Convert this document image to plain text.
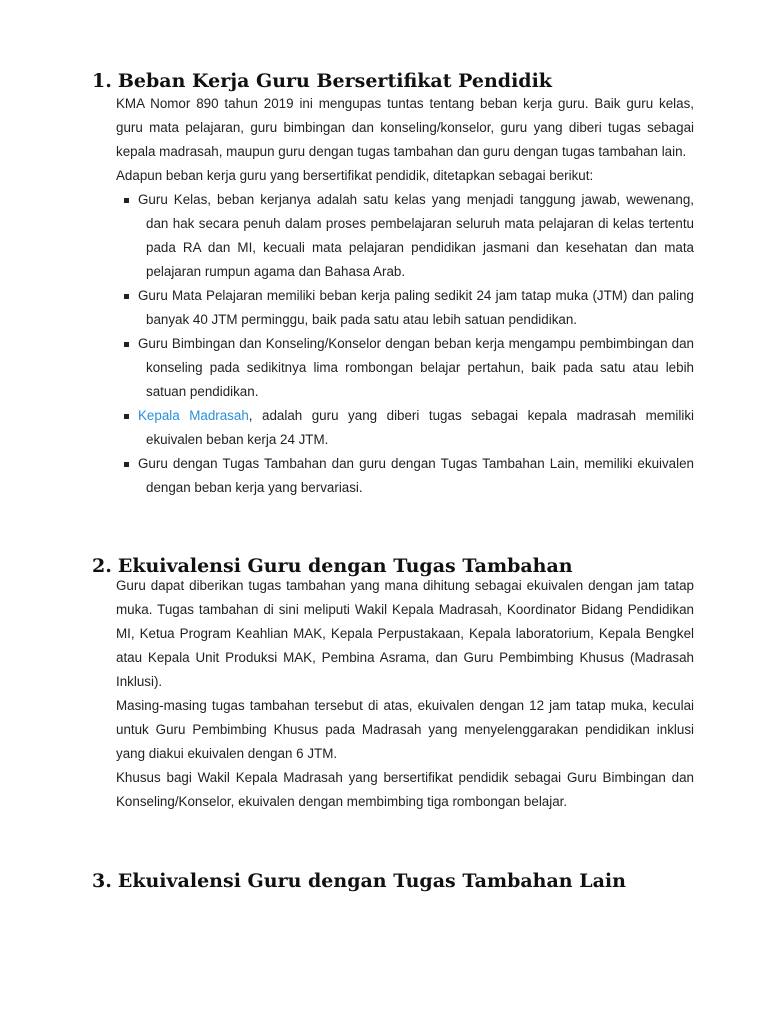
1. Beban Kerja Guru Bersertifikat Pendidik

KMA Nomor 890 tahun 2019 ini mengupas tuntas tentang beban kerja guru. Baik guru kelas, guru mata pelajaran, guru bimbingan dan konseling/konselor, guru yang diberi tugas sebagai kepala madrasah, maupun guru dengan tugas tambahan dan guru dengan tugas tambahan lain.

Adapun beban kerja guru yang bersertifikat pendidik, ditetapkan sebagai berikut:

Guru Kelas, beban kerjanya adalah satu kelas yang menjadi tanggung jawab, wewenang, dan hak secara penuh dalam proses pembelajaran seluruh mata pelajaran di kelas tertentu pada RA dan MI, kecuali mata pelajaran pendidikan jasmani dan kesehatan dan mata pelajaran rumpun agama dan Bahasa Arab.
Guru Mata Pelajaran memiliki beban kerja paling sedikit 24 jam tatap muka (JTM) dan paling banyak 40 JTM perminggu, baik pada satu atau lebih satuan pendidikan.
Guru Bimbingan dan Konseling/Konselor dengan beban kerja mengampu pembimbingan dan konseling pada sedikitnya lima rombongan belajar pertahun, baik pada satu atau lebih satuan pendidikan.
Kepala Madrasah, adalah guru yang diberi tugas sebagai kepala madrasah memiliki ekuivalen beban kerja 24 JTM.
Guru dengan Tugas Tambahan dan guru dengan Tugas Tambahan Lain, memiliki ekuivalen dengan beban kerja yang bervariasi.
2. Ekuivalensi Guru dengan Tugas Tambahan

Guru dapat diberikan tugas tambahan yang mana dihitung sebagai ekuivalen dengan jam tatap muka. Tugas tambahan di sini meliputi Wakil Kepala Madrasah, Koordinator Bidang Pendidikan MI, Ketua Program Keahlian MAK, Kepala Perpustakaan, Kepala laboratorium, Kepala Bengkel atau Kepala Unit Produksi MAK, Pembina Asrama, dan Guru Pembimbing Khusus (Madrasah Inklusi).

Masing-masing tugas tambahan tersebut di atas, ekuivalen dengan 12 jam tatap muka, keculai untuk Guru Pembimbing Khusus pada Madrasah yang menyelenggarakan pendidikan inklusi yang diakui ekuivalen dengan 6 JTM.

Khusus bagi Wakil Kepala Madrasah yang bersertifikat pendidik sebagai Guru Bimbingan dan Konseling/Konselor, ekuivalen dengan membimbing tiga rombongan belajar.

3. Ekuivalensi Guru dengan Tugas Tambahan Lain
